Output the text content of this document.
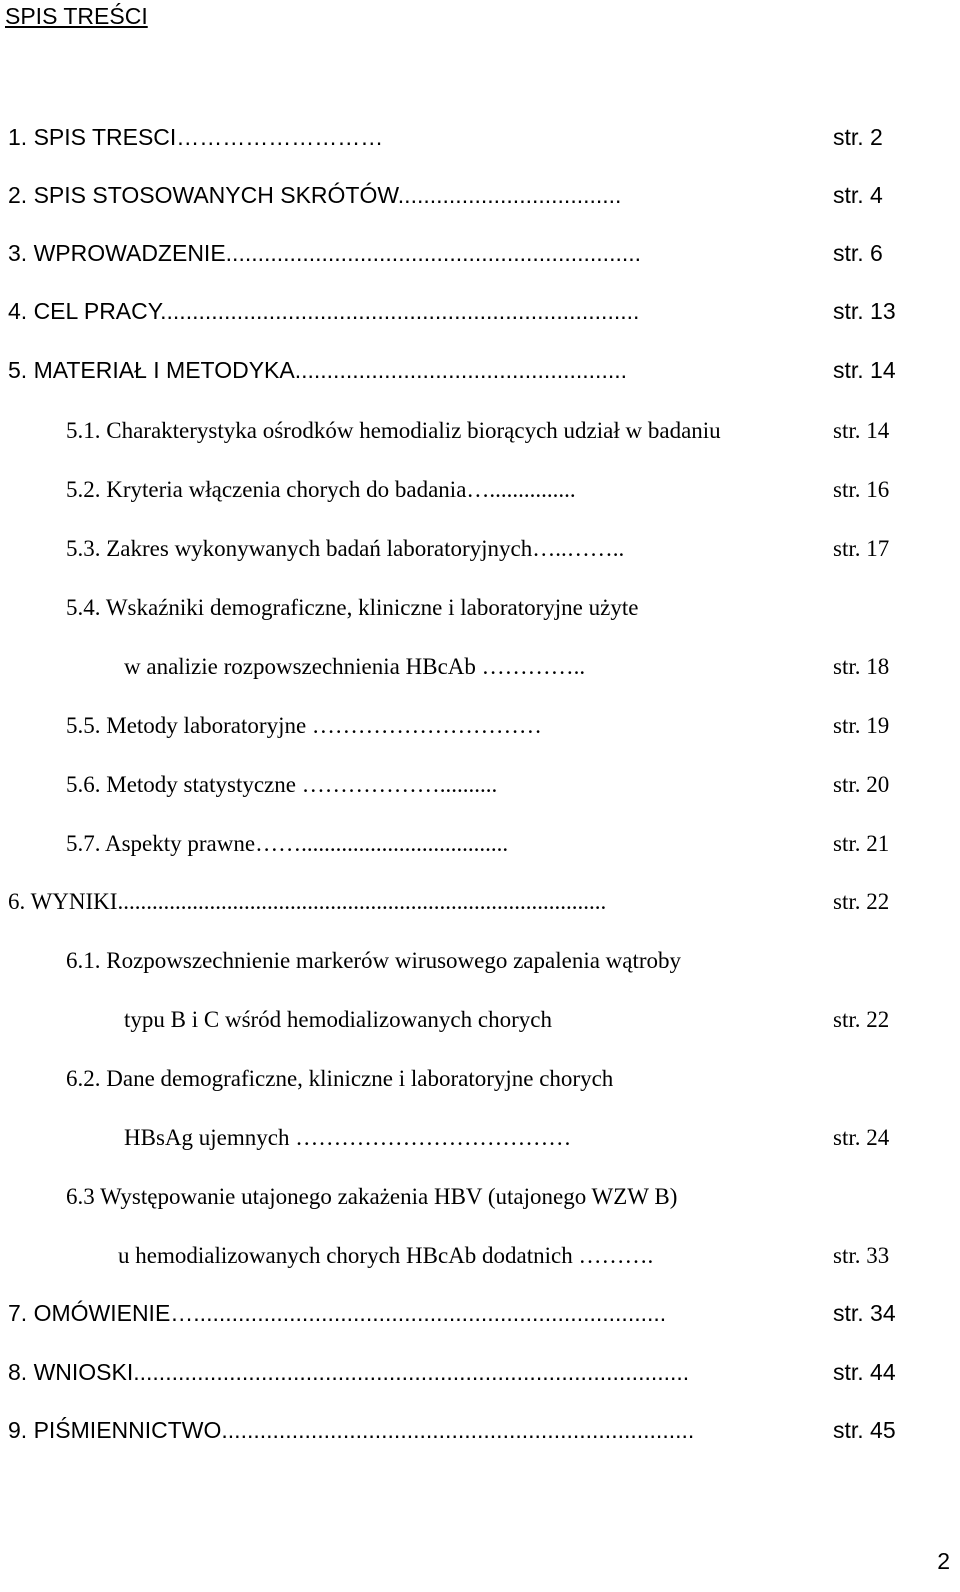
SPIS TREŚCI
1. SPIS TRESCI………………………	str. 2
2. SPIS STOSOWANYCH SKRÓTÓW...................................	str. 4
3. WPROWADZENIE.................................................................	str. 6
4. CEL PRACY...........................................................................	str. 13
5. MATERIAŁ I METODYKA....................................................	str. 14
5.1. Charakterystyka ośrodków hemodializ biorących udział w badaniu	str. 14
5.2. Kryteria włączenia chorych do badania…...............	str. 16
5.3. Zakres wykonywanych badań laboratoryjnych…..……..	str. 17
5.4. Wskaźniki demograficzne, kliniczne i laboratoryjne użyte
w analizie rozpowszechnienia HBcAb …………..	str. 18
5.5. Metody laboratoryjne …………………………	str. 19
5.6. Metody statystyczne ………………..........	str. 20
5.7. Aspekty prawne……....................................	str. 21
6. WYNIKI.....................................................................................	str. 22
6.1. Rozpowszechnienie markerów wirusowego zapalenia wątroby
typu B i C wśród hemodializowanych chorych	str. 22
6.2. Dane demograficzne, kliniczne i laboratoryjne chorych
HBsAg ujemnych ………………………………	str. 24
6.3 Występowanie utajonego zakażenia HBV (utajonego WZW B)
u hemodializowanych chorych HBcAb dodatnich ……….	str. 33
7. OMÓWIENIE…..........................................................................	str. 34
8. WNIOSKI.......................................................................................	str. 44
9. PIŚMIENNICTWO..........................................................................	str. 45
2
